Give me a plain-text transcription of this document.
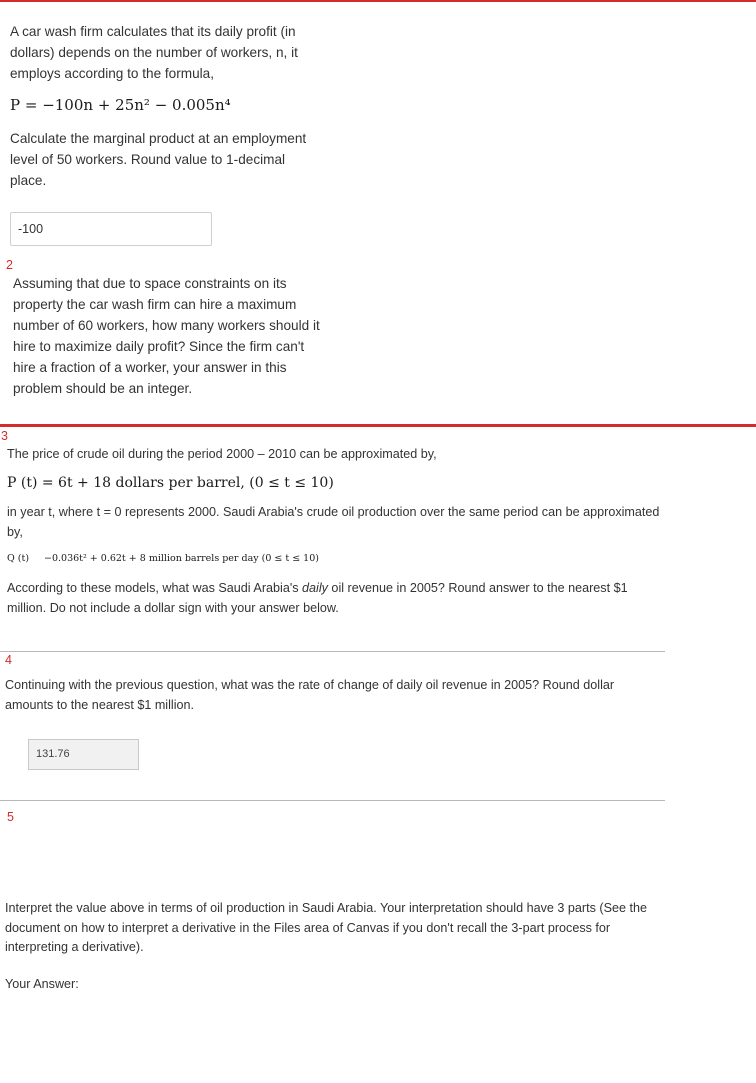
A car wash firm calculates that its daily profit (in dollars) depends on the number of workers, n, it employs according to the formula,
P = −100n + 25n² − 0.005n⁴
Calculate the marginal product at an employment level of 50 workers. Round value to 1-decimal place.
-100
2
Assuming that due to space constraints on its property the car wash firm can hire a maximum number of 60 workers, how many workers should it hire to maximize daily profit? Since the firm can't hire a fraction of a worker, your answer in this problem should be an integer.
3
The price of crude oil during the period 2000 – 2010 can be approximated by,
P (t) = 6t + 18 dollars per barrel, (0 ≤ t ≤ 10)
in year t, where t = 0 represents 2000. Saudi Arabia's crude oil production over the same period can be approximated by,
Q (t) −0.036t² + 0.62t + 8 million barrels per day (0 ≤ t ≤ 10)
According to these models, what was Saudi Arabia's daily oil revenue in 2005? Round answer to the nearest $1 million. Do not include a dollar sign with your answer below.
4
Continuing with the previous question, what was the rate of change of daily oil revenue in 2005? Round dollar amounts to the nearest $1 million.
131.76
5
Interpret the value above in terms of oil production in Saudi Arabia. Your interpretation should have 3 parts (See the document on how to interpret a derivative in the Files area of Canvas if you don't recall the 3-part process for interpreting a derivative).
Your Answer:
